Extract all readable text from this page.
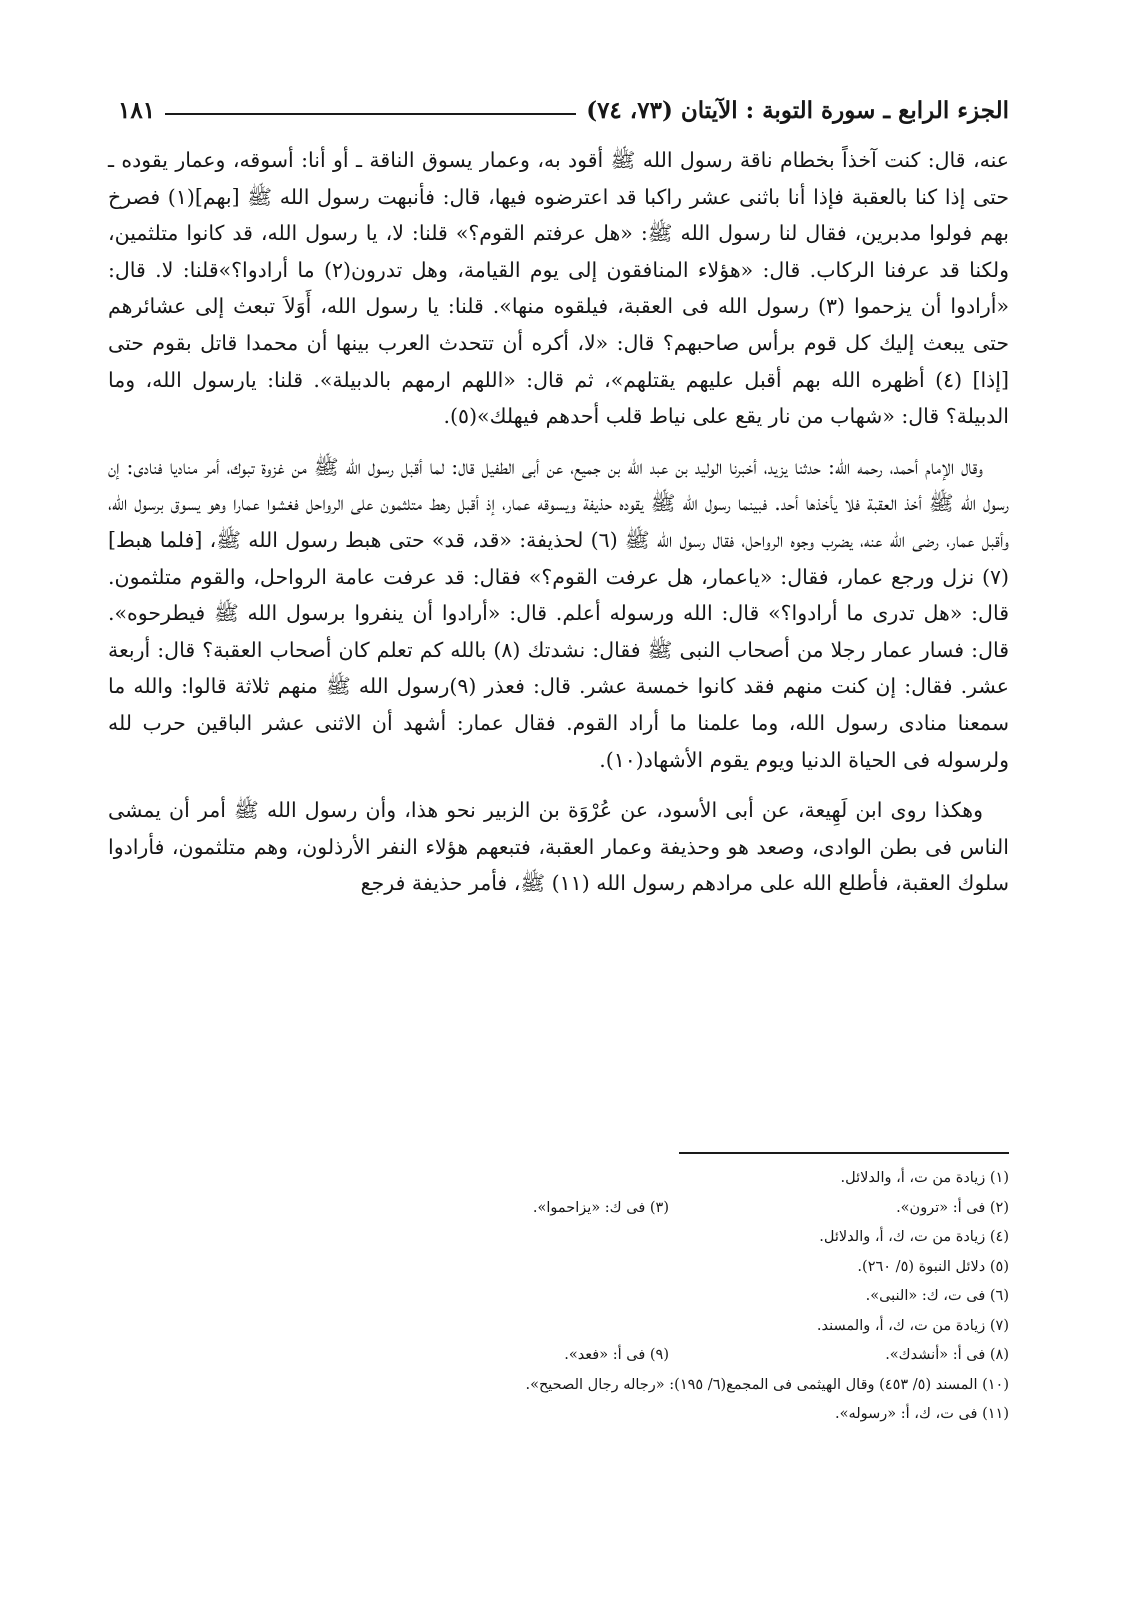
الجزء الرابع ـ سورة التوبة : الآيتان (٧٣، ٧٤)
١٨١

عنه، قال: كنت آخذاً بخطام ناقة رسول الله ﷺ أقود به، وعمار يسوق الناقة ـ أو أنا: أسوقه، وعمار يقوده ـ حتى إذا كنا بالعقبة فإذا أنا باثنى عشر راكبا قد اعترضوه فيها، قال: فأنبهت رسول الله ﷺ [بهم](١) فصرخ بهم فولوا مدبرين، فقال لنا رسول الله ﷺ: «هل عرفتم القوم؟» قلنا: لا، يا رسول الله، قد كانوا متلثمين، ولكنا قد عرفنا الركاب. قال: «هؤلاء المنافقون إلى يوم القيامة، وهل تدرون(٢) ما أرادوا؟»قلنا: لا. قال: «أرادوا أن يزحموا (٣) رسول الله فى العقبة، فيلقوه منها». قلنا: يا رسول الله، أَوَلاَ تبعث إلى عشائرهم حتى يبعث إليك كل قوم برأس صاحبهم؟ قال: «لا، أكره أن تتحدث العرب بينها أن محمدا قاتل بقوم حتى [إذا] (٤) أظهره الله بهم أقبل عليهم يقتلهم»، ثم قال: «اللهم ارمهم بالدبيلة». قلنا: يارسول الله، وما الدبيلة؟ قال: «شهاب من نار يقع على نياط قلب أحدهم فيهلك»(٥).

وقال الإمام أحمد، رحمه الله: حدثنا يزيد، أخبرنا الوليد بن عبد الله بن جميع، عن أبى الطفيل قال: لما أقبل رسول الله ﷺ من غزوة تبوك، أمر مناديا فنادى: إن رسول الله ﷺ أخذ العقبة فلا يأخذها أحد. فبينما رسول الله ﷺ يقوده حذيفة ويسوقه عمار، إذ أقبل رهط متلثمون على الرواحل فغشوا عمارا وهو يسوق برسول الله، وأقبل عمار، رضى الله عنه، يضرب وجوه الرواحل، فقال رسول الله ﷺ (٦) لحذيفة: «قد، قد» حتى هبط رسول الله ﷺ، [فلما هبط] (٧) نزل ورجع عمار، فقال: «ياعمار، هل عرفت القوم؟» فقال: قد عرفت عامة الرواحل، والقوم متلثمون. قال: «هل تدرى ما أرادوا؟» قال: الله ورسوله أعلم. قال: «أرادوا أن ينفروا برسول الله ﷺ فيطرحوه». قال: فسار عمار رجلا من أصحاب النبى ﷺ فقال: نشدتك (٨) بالله كم تعلم كان أصحاب العقبة؟ قال: أربعة عشر. فقال: إن كنت منهم فقد كانوا خمسة عشر. قال: فعذر (٩)رسول الله ﷺ منهم ثلاثة قالوا: والله ما سمعنا منادى رسول الله، وما علمنا ما أراد القوم. فقال عمار: أشهد أن الاثنى عشر الباقين حرب لله ولرسوله فى الحياة الدنيا ويوم يقوم الأشهاد(١٠).

وهكذا روى ابن لَهِيعة، عن أبى الأسود، عن عُرْوَة بن الزبير نحو هذا، وأن رسول الله ﷺ أمر أن يمشى الناس فى بطن الوادى، وصعد هو وحذيفة وعمار العقبة، فتبعهم هؤلاء النفر الأرذلون، وهم متلثمون، فأرادوا سلوك العقبة، فأطلع الله على مرادهم رسول الله (١١) ﷺ، فأمر حذيفة فرجع

(١) زيادة من ت، أ، والدلائل.
(٢) فى أ: «ترون».
(٣) فى ك: «يزاحموا».
(٤) زيادة من ت، ك، أ، والدلائل.
(٥) دلائل النبوة (٥/ ٢٦٠).
(٦) فى ت، ك: «النبى».
(٧) زيادة من ت، ك، أ، والمسند.
(٨) فى أ: «أنشدك».
(٩) فى أ: «فعد».
(١٠) المسند (٥/ ٤٥٣) وقال الهيثمى فى المجمع(٦/ ١٩٥): «رجاله رجال الصحيح».
(١١) فى ت، ك، أ: «رسوله».
